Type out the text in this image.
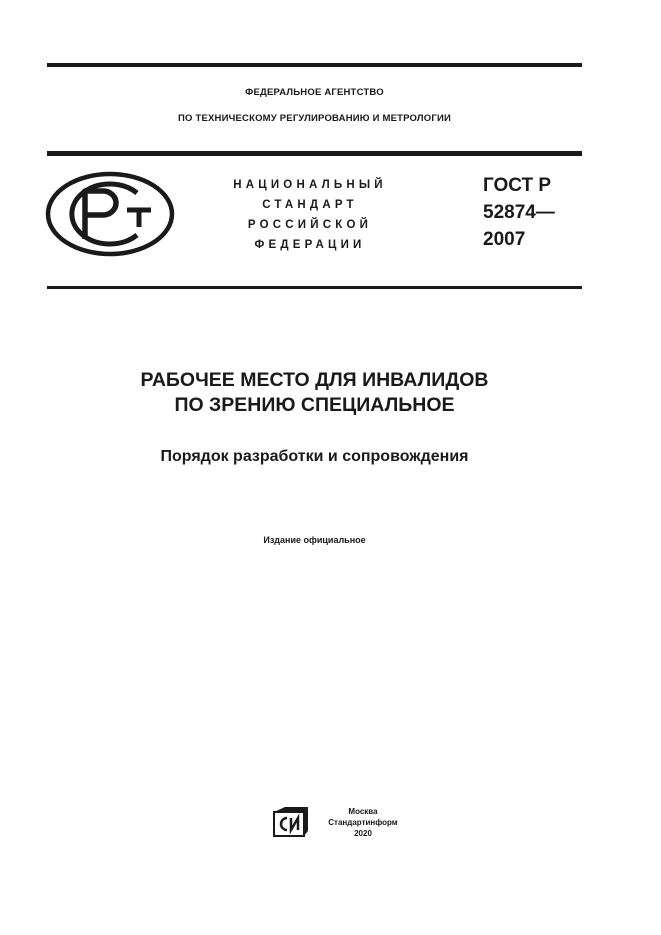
ФЕДЕРАЛЬНОЕ АГЕНТСТВО
ПО ТЕХНИЧЕСКОМУ РЕГУЛИРОВАНИЮ И МЕТРОЛОГИИ
НАЦИОНАЛЬНЫЙ
СТАНДАРТ
РОССИЙСКОЙ
ФЕДЕРАЦИИ
ГОСТ Р
52874—
2007
РАБОЧЕЕ МЕСТО ДЛЯ ИНВАЛИДОВ
ПО ЗРЕНИЮ СПЕЦИАЛЬНОЕ
Порядок разработки и сопровождения
Издание официальное
Москва
Стандартинформ
2020
